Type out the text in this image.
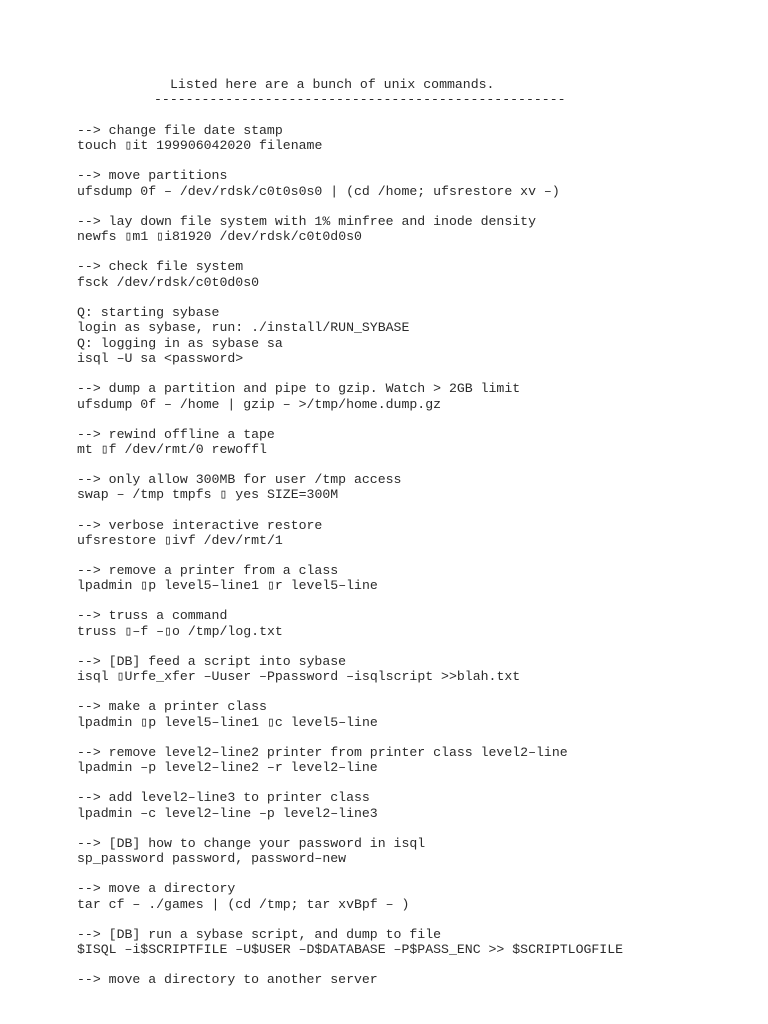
Listed here are a bunch of unix commands.
----------------------------------------------------
--> change file date stamp
touch ▯it 199906042020 filename
--> move partitions
ufsdump 0f – /dev/rdsk/c0t0s0s0 | (cd /home; ufsrestore xv –)
--> lay down file system with 1% minfree and inode density
newfs ▯m1 ▯i81920 /dev/rdsk/c0t0d0s0
--> check file system
fsck /dev/rdsk/c0t0d0s0
Q: starting sybase
login as sybase, run: ./install/RUN_SYBASE
Q: logging in as sybase sa
isql –U sa <password>
--> dump a partition and pipe to gzip. Watch > 2GB limit
ufsdump 0f – /home | gzip – >/tmp/home.dump.gz
--> rewind offline a tape
mt ▯f /dev/rmt/0 rewoffl
--> only allow 300MB for user /tmp access
swap – /tmp tmpfs ▯ yes SIZE=300M
--> verbose interactive restore
ufsrestore ▯ivf /dev/rmt/1
--> remove a printer from a class
lpadmin ▯p level5–line1 ▯r level5–line
--> truss a command
truss ▯–f –▯o /tmp/log.txt
--> [DB] feed a script into sybase
isql ▯Urfe_xfer –Uuser –Ppassword –isqlscript >>blah.txt
--> make a printer class
lpadmin ▯p level5–line1 ▯c level5–line
--> remove level2–line2 printer from printer class level2–line
lpadmin –p level2–line2 –r level2–line
--> add level2–line3 to printer class
lpadmin –c level2–line –p level2–line3
--> [DB] how to change your password in isql
sp_password password, password–new
--> move a directory
tar cf – ./games | (cd /tmp; tar xvBpf – )
--> [DB] run a sybase script, and dump to file
$ISQL –i$SCRIPTFILE –U$USER –D$DATABASE –P$PASS_ENC >> $SCRIPTLOGFILE
--> move a directory to another server
